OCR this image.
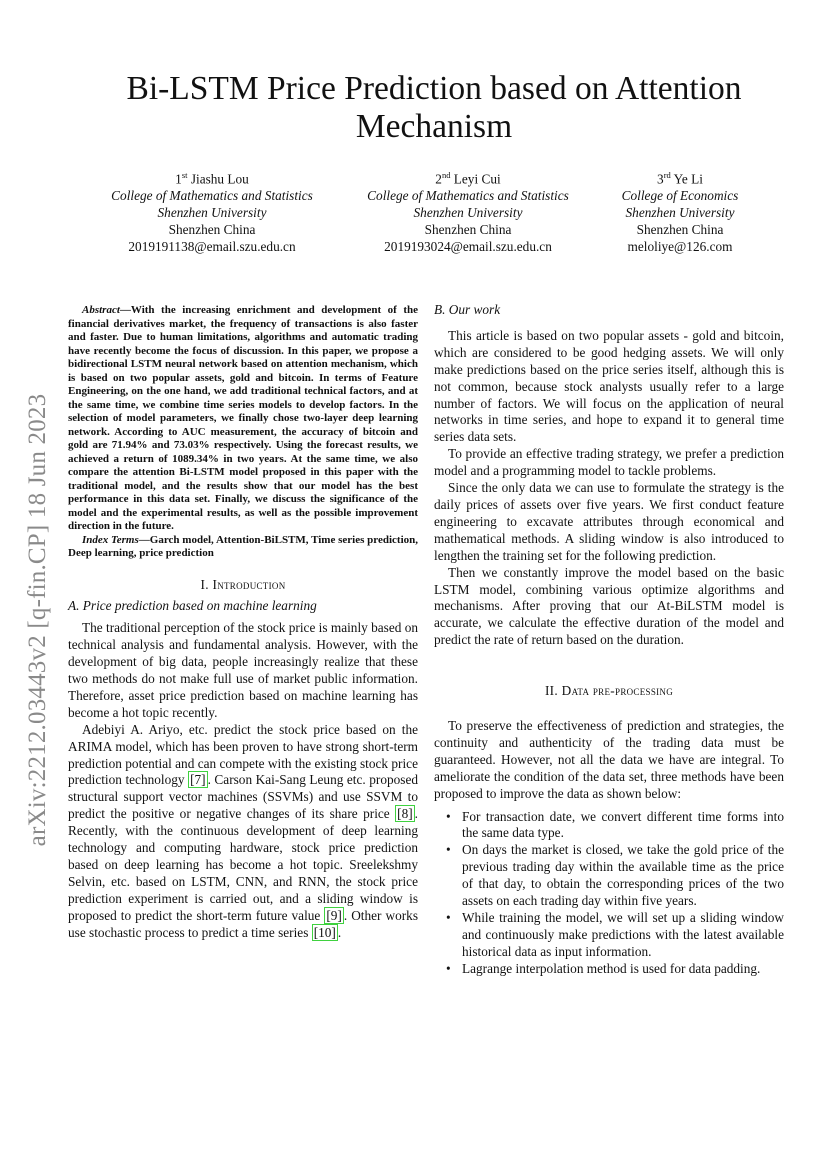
arXiv:2212.03443v2 [q-fin.CP] 18 Jun 2023
Bi-LSTM Price Prediction based on Attention Mechanism
1st Jiashu Lou
College of Mathematics and Statistics
Shenzhen University
Shenzhen China
2019191138@email.szu.edu.cn
2nd Leyi Cui
College of Mathematics and Statistics
Shenzhen University
Shenzhen China
2019193024@email.szu.edu.cn
3rd Ye Li
College of Economics
Shenzhen University
Shenzhen China
meloliye@126.com

Abstract—With the increasing enrichment and development of the financial derivatives market, the frequency of transactions is also faster and faster. Due to human limitations, algorithms and automatic trading have recently become the focus of discussion. In this paper, we propose a bidirectional LSTM neural network based on attention mechanism, which is based on two popular assets, gold and bitcoin. In terms of Feature Engineering, on the one hand, we add traditional technical factors, and at the same time, we combine time series models to develop factors. In the selection of model parameters, we finally chose two-layer deep learning network. According to AUC measurement, the accuracy of bitcoin and gold are 71.94% and 73.03% respectively. Using the forecast results, we achieved a return of 1089.34% in two years. At the same time, we also compare the attention Bi-LSTM model proposed in this paper with the traditional model, and the results show that our model has the best performance in this data set. Finally, we discuss the significance of the model and the experimental results, as well as the possible improvement direction in the future.

Index Terms—Garch model, Attention-BiLSTM, Time series prediction, Deep learning, price prediction

I. Introduction

A. Price prediction based on machine learning

The traditional perception of the stock price is mainly based on technical analysis and fundamental analysis. However, with the development of big data, people increasingly realize that these two methods do not make full use of market public information. Therefore, asset price prediction based on machine learning has become a hot topic recently.

Adebiyi A. Ariyo, etc. predict the stock price based on the ARIMA model, which has been proven to have strong short-term prediction potential and can compete with the existing stock price prediction technology [7] . Carson Kai-Sang Leung etc. proposed structural support vector machines (SSVMs) and use SSVM to predict the positive or negative changes of its share price [8] . Recently, with the continuous development of deep learning technology and computing hardware, stock price prediction based on deep learning has become a hot topic. Sreelekshmy Selvin, etc. based on LSTM, CNN, and RNN, the stock price prediction experiment is carried out, and a sliding window is proposed to predict the short-term future value [9] . Other works use stochastic process to predict a time series [10] .

B. Our work

This article is based on two popular assets - gold and bitcoin, which are considered to be good hedging assets. We will only make predictions based on the price series itself, although this is not common, because stock analysts usually refer to a large number of factors. We will focus on the application of neural networks in time series, and hope to expand it to general time series data sets.

To provide an effective trading strategy, we prefer a prediction model and a programming model to tackle problems.

Since the only data we can use to formulate the strategy is the daily prices of assets over five years. We first conduct feature engineering to excavate attributes through economical and mathematical methods. A sliding window is also introduced to lengthen the training set for the following prediction.

Then we constantly improve the model based on the basic LSTM model, combining various optimize algorithms and mechanisms. After proving that our At-BiLSTM model is accurate, we calculate the effective duration of the model and predict the rate of return based on the duration.

II. Data pre-processing

To preserve the effectiveness of prediction and strategies, the continuity and authenticity of the trading data must be guaranteed. However, not all the data we have are integral. To ameliorate the condition of the data set, three methods have been proposed to improve the data as shown below:

• For transaction date, we convert different time forms into the same data type.
• On days the market is closed, we take the gold price of the previous trading day within the available time as the price of that day, to obtain the corresponding prices of the two assets on each trading day within five years.
• While training the model, we will set up a sliding window and continuously make predictions with the latest available historical data as input information.
• Lagrange interpolation method is used for data padding.
